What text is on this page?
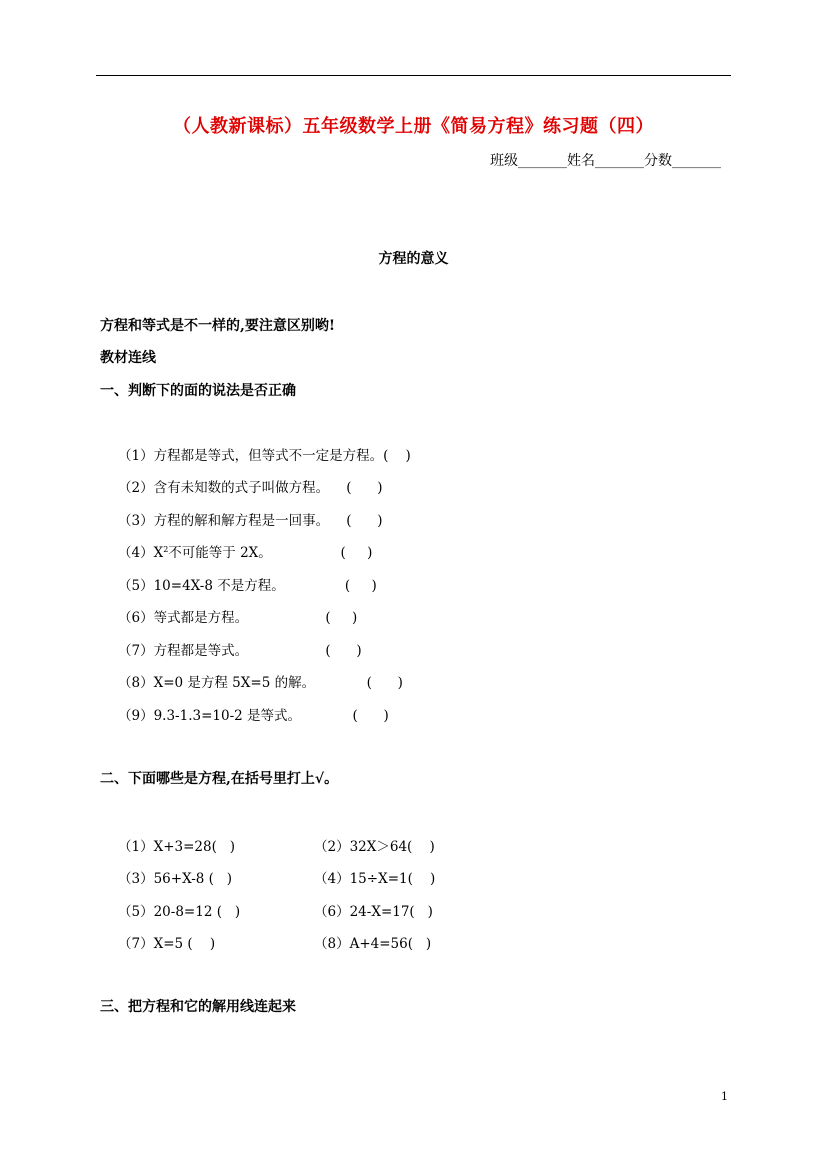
（人教新课标）五年级数学上册《简易方程》练习题（四）
班级_______姓名_______分数_______
方程的意义
方程和等式是不一样的,要注意区别哟!
教材连线
一、判断下的面的说法是否正确
（1）方程都是等式，但等式不一定是方程。(    )
（2）含有未知数的式子叫做方程。    (      )
（3）方程的解和解方程是一回事。    (      )
$(4)X^2$不可能等于 2X。                (     )
（5）10=4X-8 不是方程。              (     )
（6）等式都是方程。                  (     )
（7）方程都是等式。                  (      )
（8）X=0 是方程 5X=5 的解。            (      )
（9）9.3-1.3=10-2 是等式。            (      )
二、下面哪些是方程,在括号里打上√。
（1）X+3=28(   )	（2）32X＞64(    )
（3）56+X-8 (   )	（4）15÷X=1(    )
（5）20-8=12 (   )	（6）24-X=17(   )
（7）X=5 (    )	（8）A+4=56(   )
三、把方程和它的解用线连起来
1
